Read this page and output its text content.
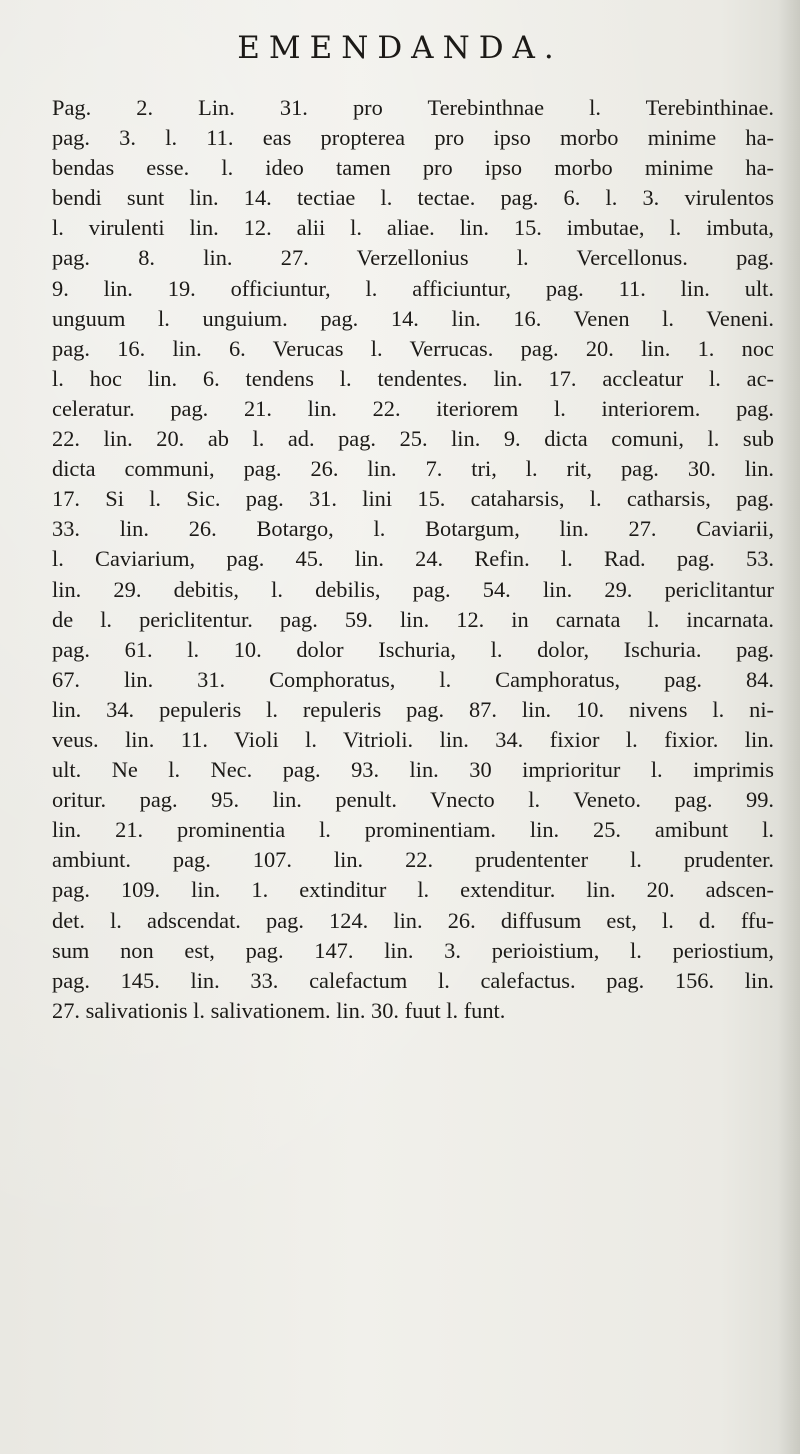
EMENDANDA.
Pag. 2. Lin. 31. pro Terebinthnae l. Terebinthinae.
pag. 3. l. 11. eas propterea pro ipso morbo minime ha-
bendas esse. l. ideo tamen pro ipso morbo minime ha-
bendi sunt lin. 14. tectiae l. tectae. pag. 6. l. 3. virulentos
l. virulenti lin. 12. alii l. aliae. lin. 15. imbutae, l. imbuta,
pag. 8. lin. 27. Verzellonius l. Vercellonus. pag.
9. lin. 19. officiuntur, l. afficiuntur, pag. 11. lin. ult.
unguum l. unguium. pag. 14. lin. 16. Venen l. Veneni.
pag. 16. lin. 6. Verucas l. Verrucas. pag. 20. lin. 1. noc
l. hoc lin. 6. tendens l. tendentes. lin. 17. accleatur l. ac-
celeratur. pag. 21. lin. 22. iteriorem l. interiorem. pag.
22. lin. 20. ab l. ad. pag. 25. lin. 9. dicta comuni, l. sub
dicta communi, pag. 26. lin. 7. tri, l. rit, pag. 30. lin.
17. Si l. Sic. pag. 31. lini 15. cataharsis, l. catharsis, pag.
33. lin. 26. Botargo, l. Botargum, lin. 27. Caviarii,
l. Caviarium, pag. 45. lin. 24. Refin. l. Rad. pag. 53.
lin. 29. debitis, l. debilis, pag. 54. lin. 29. periclitantur
de l. periclitentur. pag. 59. lin. 12. in carnata l. incarnata.
pag. 61. l. 10. dolor Ischuria, l. dolor, Ischuria. pag.
67. lin. 31. Comphoratus, l. Camphoratus, pag. 84.
lin. 34. pepuleris l. repuleris pag. 87. lin. 10. nivens l. ni-
veus. lin. 11. Violi l. Vitrioli. lin. 34. fixior l. fixior. lin.
ult. Ne l. Nec. pag. 93. lin. 30 imprioritur l. imprimis
oritur. pag. 95. lin. penult. Vnecto l. Veneto. pag. 99.
lin. 21. prominentia l. prominentiam. lin. 25. amibunt l.
ambiunt. pag. 107. lin. 22. prudententer l. prudenter.
pag. 109. lin. 1. extinditur l. extenditur. lin. 20. adscen-
det. l. adscendat. pag. 124. lin. 26. diffusum est, l. d. ffu-
sum non est, pag. 147. lin. 3. perioistium, l. periostium,
pag. 145. lin. 33. calefactum l. calefactus. pag. 156. lin.
27. salivationis l. salivationem. lin. 30. fuut l. funt.
